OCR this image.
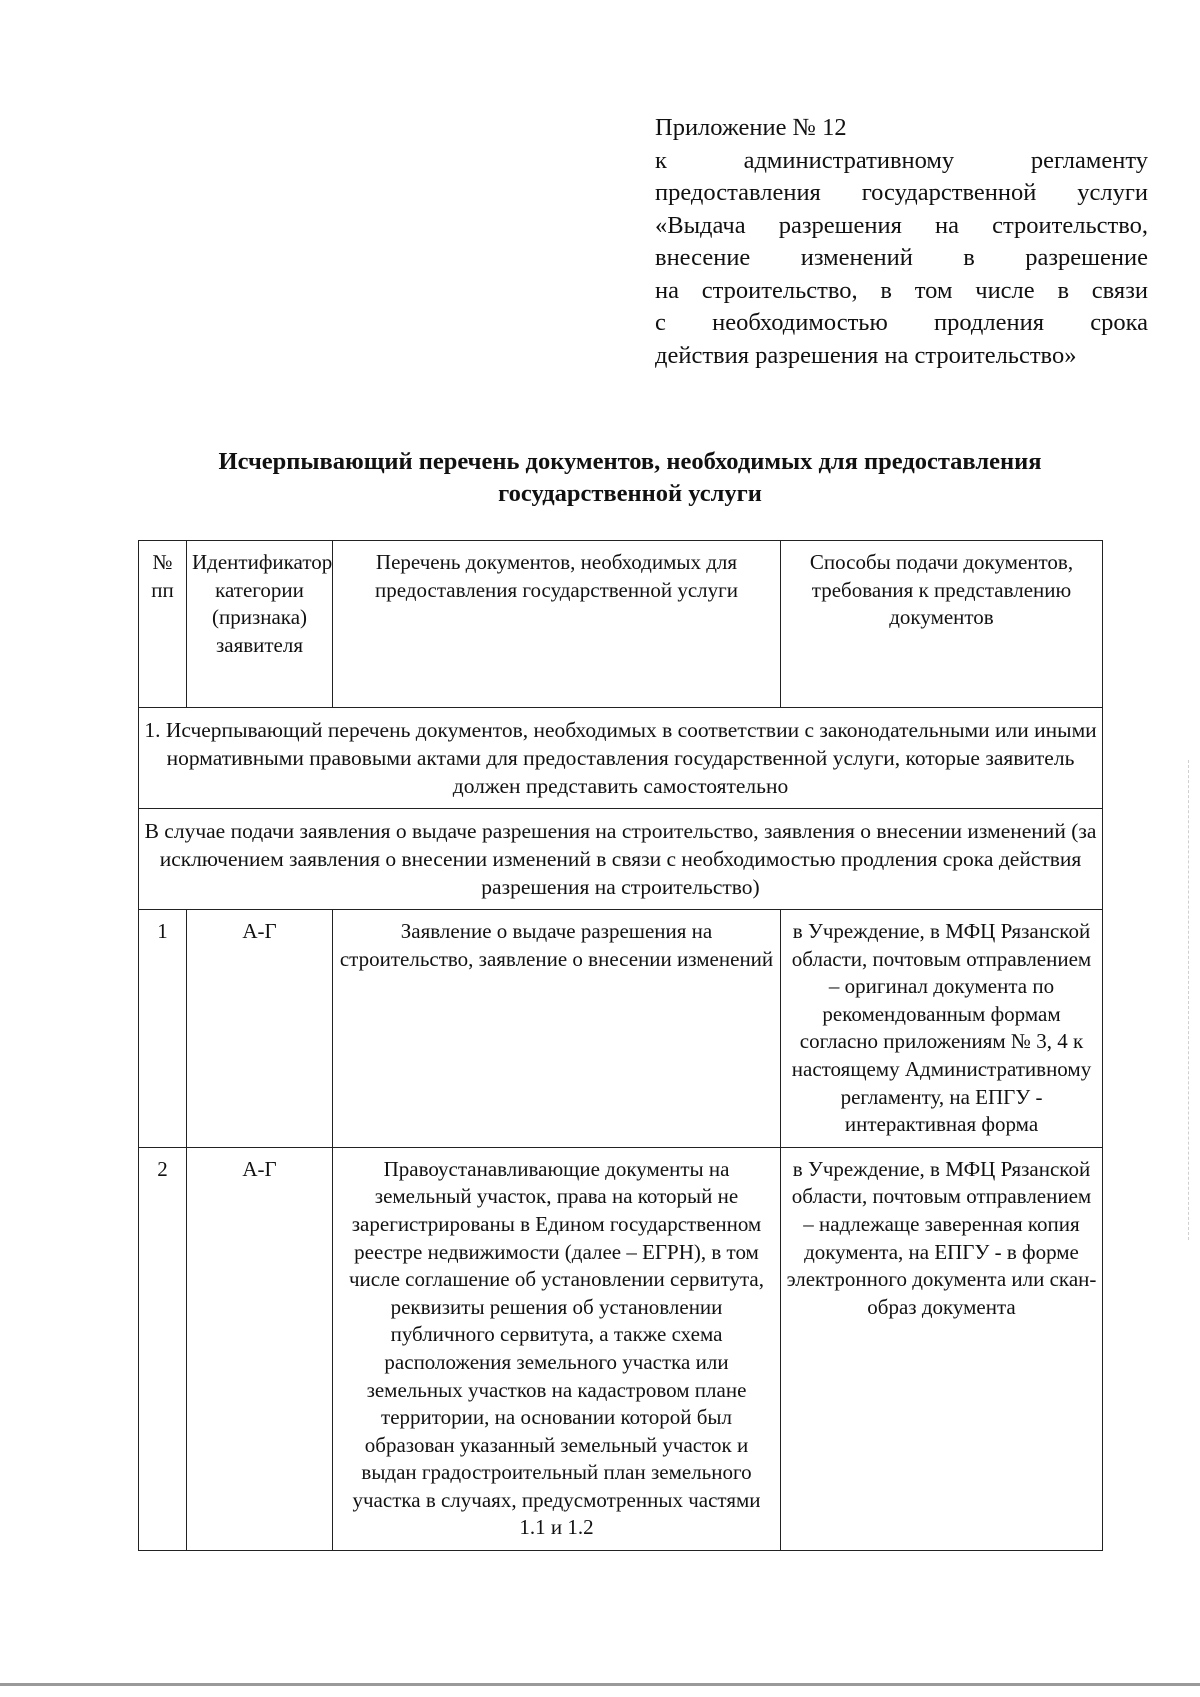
Приложение № 12
к административному регламенту
предоставления государственной услуги
«Выдача разрешения на строительство,
внесение изменений в разрешение
на строительство, в том числе в связи
с необходимостью продления срока
действия разрешения на строительство»
Исчерпывающий перечень документов, необходимых для предоставления
государственной услуги
№ пп	Идентификатор категории (признака) заявителя	Перечень документов, необходимых для предоставления государственной услуги	Способы подачи документов, требования к представлению документов
1. Исчерпывающий перечень документов, необходимых в соответствии с законодательными или иными нормативными правовыми актами для предоставления государственной услуги, которые заявитель должен представить самостоятельно			
В случае подачи заявления о выдаче разрешения на строительство, заявления о внесении изменений (за исключением заявления о внесении изменений в связи с необходимостью продления срока действия разрешения на строительство)			
1	А-Г	Заявление о выдаче разрешения на строительство, заявление о внесении изменений	в Учреждение, в МФЦ Рязанской области, почтовым отправлением – оригинал документа по рекомендованным формам согласно приложениям № 3, 4 к настоящему Административному регламенту, на ЕПГУ - интерактивная форма
2	А-Г	Правоустанавливающие документы на земельный участок, права на который не зарегистрированы в Едином государственном реестре недвижимости (далее – ЕГРН), в том числе соглашение об установлении сервитута, реквизиты решения об установлении публичного сервитута, а также схема расположения земельного участка или земельных участков на кадастровом плане территории, на основании которой был образован указанный земельный участок и выдан градостроительный план земельного участка в случаях, предусмотренных частями 1.1 и 1.2	в Учреждение, в МФЦ Рязанской области, почтовым отправлением – надлежаще заверенная копия документа, на ЕПГУ - в форме электронного документа или скан-образ документа
